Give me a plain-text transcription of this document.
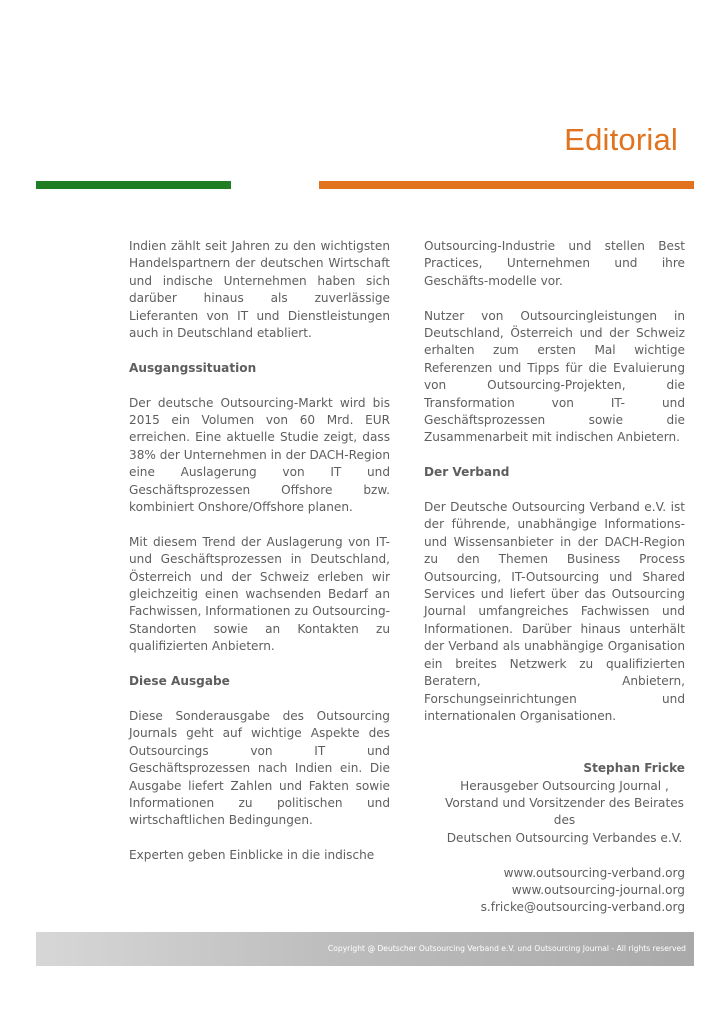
Editorial

Indien zählt seit Jahren zu den wichtigsten Handelspartnern der deutschen Wirtschaft und indische Unternehmen haben sich darüber hinaus als zuverlässige Lieferanten von IT und Dienstleistungen auch in Deutschland etabliert.

Ausgangssituation

Der deutsche Outsourcing-Markt wird bis 2015 ein Volumen von 60 Mrd. EUR erreichen. Eine aktuelle Studie zeigt, dass 38% der Unternehmen in der DACH-Region eine Auslagerung von IT und Geschäftsprozessen Offshore bzw. kombiniert Onshore/Offshore planen.

Mit diesem Trend der Auslagerung von IT- und Geschäftsprozessen in Deutschland, Österreich und der Schweiz erleben wir gleichzeitig einen wachsenden Bedarf an Fachwissen, Informationen zu Outsourcing-Standorten sowie an Kontakten zu qualifizierten Anbietern.

Diese Ausgabe

Diese Sonderausgabe des Outsourcing Journals geht auf wichtige Aspekte des Outsourcings von IT und Geschäftsprozessen nach Indien ein. Die Ausgabe liefert Zahlen und Fakten sowie Informationen zu politischen und wirtschaftlichen Bedingungen.

Experten geben Einblicke in die indische

Outsourcing-Industrie und stellen Best Practices, Unternehmen und ihre Geschäfts-modelle vor.

Nutzer von Outsourcingleistungen in Deutschland, Österreich und der Schweiz erhalten zum ersten Mal wichtige Referenzen und Tipps für die Evaluierung von Outsourcing-Projekten, die Transformation von IT- und Geschäftsprozessen sowie die Zusammenarbeit mit indischen Anbietern.

Der Verband

Der Deutsche Outsourcing Verband e.V. ist der führende, unabhängige Informations- und Wissensanbieter in der DACH-Region zu den Themen Business Process Outsourcing, IT-Outsourcing und Shared Services und liefert über das Outsourcing Journal umfangreiches Fachwissen und Informationen. Darüber hinaus unterhält der Verband als unabhängige Organisation ein breites Netzwerk zu qualifizierten Beratern, Anbietern, Forschungseinrichtungen und internationalen Organisationen.

Stephan Fricke
Herausgeber Outsourcing Journal ,
Vorstand und Vorsitzender des Beirates des
Deutschen Outsourcing Verbandes e.V.
www.outsourcing-verband.org
www.outsourcing-journal.org
s.fricke@outsourcing-verband.org
Copyright @ Deutscher Outsourcing Verband e.V. und Outsourcing Journal - All rights reserved
